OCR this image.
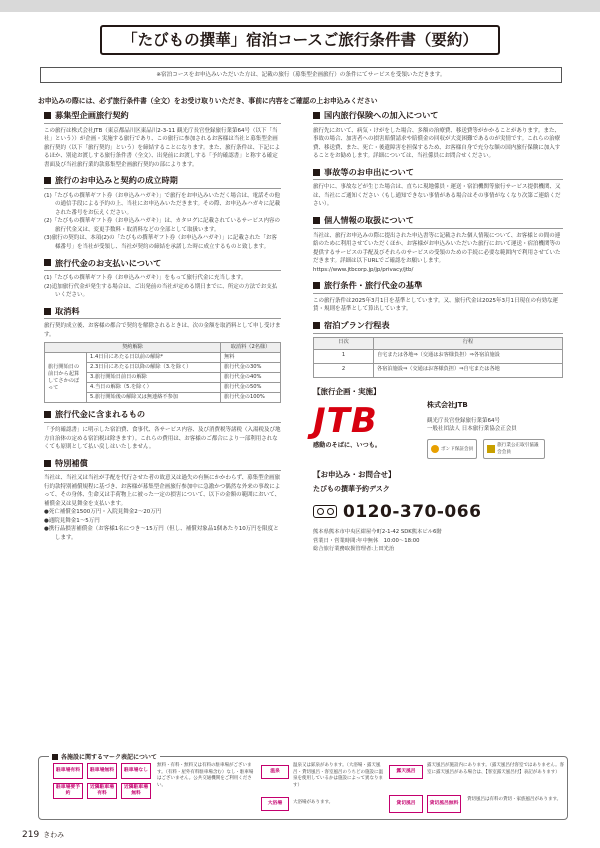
「たびもの撰華」宿泊コースご旅行条件書（要約）
※宿泊コースをお申込みいただいた方は、記載の旅行（募集型企画旅行）の条件にてサービスを受領いただきます。
お申込みの際には、必ず旅行条件書（全文）をお受け取りいただき、事前に内容をご確認の上お申込みください
募集型企画旅行契約
この旅行は株式会社JTB（東京都品川区東品川2-3-11 観光庁長官登録旅行業第64号（以下「当社」という））が企画・実施する旅行であり、この旅行に参加されるお客様は当社と募集型企画旅行契約（以下「旅行契約」という）を締結することになります。また、旅行条件は、下記によるほか、別途お渡しする旅行条件書（全文）、出発前にお渡しする「予約確認書」と称する確定書面及び当社旅行業約款募集型企画旅行契約の部によります。
旅行のお申込みと契約の成立時期
(1)「たびもの撰華ギフト券（お申込みハガキ）」で旅行をお申込みいただく場合は、電話その他の通信手段による予約の上、当社にお申込みいただきます。その際、お申込みハガキに記載された番号をお伝えください。
(2)「たびもの撰華ギフト券（お申込みハガキ）」は、カタログに記載されているサービス内容の旅行代金又は、変更手数料・取消料などの全部として取扱います。
(3)旅行の契約は、本項(2)の「たびもの撰華ギフト券（お申込みハガキ）」に記載された「お客様番号」を当社が受領し、当社が契約の締結を承諾した時に成立するものと致します。
旅行代金のお支払いについて
(1)「たびもの撰華ギフト券（お申込みハガキ）」をもって旅行代金に充当します。
(2)追加旅行代金が発生する場合は、ご出発前の当社が定める期日までに、所定の方法でお支払いください。
取消料
旅行契約成立後、お客様の都合で契約を解除されるときは、次の金額を取消料として申し受けます。
契約解除		取消料（2名様）
旅行開始日の前日から起算してさかのぼって	1.4日目にあたる日以前の解除*	無料
	2.3日目にあたる日以降の解除（3.を除く）	旅行代金の30%
	3.旅行開始日前日の解除	旅行代金の40%
	4.当日の解除（5.を除く）	旅行代金の50%
	5.旅行開始後の解除又は無連絡不参加	旅行代金の100%
旅行代金に含まれるもの
「予約確認書」に明示した宿泊費、食事代、各サービス内容、及び消費税等諸税（入湯税及び地方自治体の定める宿泊税は除きます）。これらの費用は、お客様のご都合により一部利用されなくても原則として払い戻しはいたしません。
特別補償
当社は、当社又は当社が手配を代行させた者の故意又は過失の有無にかかわらず、募集型企画旅行約款特別補償規程に基づき、お客様が募集型企画旅行参加中に急激かつ偶然な外来の事故によって、その身体、生命又は手荷物上に被った一定の損害について、以下の金額の範囲において、補償金又は見舞金を支払います。
●死亡補償金1500万円・入院見舞金2〜20万円
●通院見舞金1〜5万円
●携行品損害補償金（お客様1名につき〜15万円（但し、補償対象品1個あたり10万円を限度とします。
国内旅行保険への加入について
旅行先において、病気・けがをした場合、多額の治療費、移送費等がかかることがあります。また、事故の場合、加害者への損害賠償請求や賠償金の回収が大変困難であるのが実情です。これらの治療費、移送費、また、死亡・後遺障害を担保するため、お客様自身で充分な額の国内旅行保険に加入することをお勧めします。詳細については、当社係員にお問合せください。
事故等のお申出について
旅行中に、事故などが生じた場合は、直ちに現地係員・運送・宿泊機関等旅行サービス提供機関、又は、当社にご通知ください（もし通知できない事情がある場合はその事情がなくなり次第ご連絡ください）。
個人情報の取扱について
当社は、旅行お申込みの際に提出された申込書等に記載された個人情報について、お客様との間の連絡のために利用させていただくほか、お客様がお申込みいただいた旅行において運送・宿泊機関等の提供するサービスの手配及びそれらのサービスの受領のための手続に必要な範囲内で利用させていただきます。詳細は以下URLでご確認をお願いします。
https://www.jtbcorp.jp/jp/privacy/jtb/
旅行条件・旅行代金の基準
この旅行条件は2025年3月1日を基準としています。又、旅行代金は2025年3月1日現在の有効な運賃・規則を基準として算出しています。
宿泊プラン行程表
日次	行程
1	自宅または各地⇒（交通はお客様負担）⇒各宿泊施設
2	各宿泊施設⇒（交通はお客様負担）⇒自宅または各地
【旅行企画・実施】
JTB
感動のそばに、いつも。
株式会社JTB
観光庁長官登録旅行業第64号
一般社団法人 日本旅行業協会正会員
ボンド保証会員
旅行業公正取引協議会会員
【お申込み・お問合せ】
たびもの撰華予約デスク
0120-370-066
熊本県熊本市中央区紺屋今町2-1-42 SDK熊本ビル6階
営業日・営業時間:年中無休　10:00〜18:00
総合旅行業務取扱管理者:上田光治
各施設に関するマーク表記について
駐車場有料	駐車場無料	駐車場なし
駐車場要予約
近隣駐車場有料
近隣駐車場無料
無料・有料・無料又は有料の駐車場がございます。（有料・屋外有料駐車場含む）なし・駐車場はございません。公共交通機関をご利用ください。
温泉
温泉又は鉱泉があります。（大浴場・露天風呂・貸切風呂・客室風呂のうちどの施設に温泉を使用しているかは施設によって異なります）
大浴場	大浴場があります。
露天風呂
露天風呂が施設内にあります。（露天風呂付客室ではありません。客室に露天風呂がある場合は、【客室露天風呂付】表記があります）
貸切風呂	貸切風呂無料
貸切風呂は有料の貸切・家族風呂があります。
219 きわみ
